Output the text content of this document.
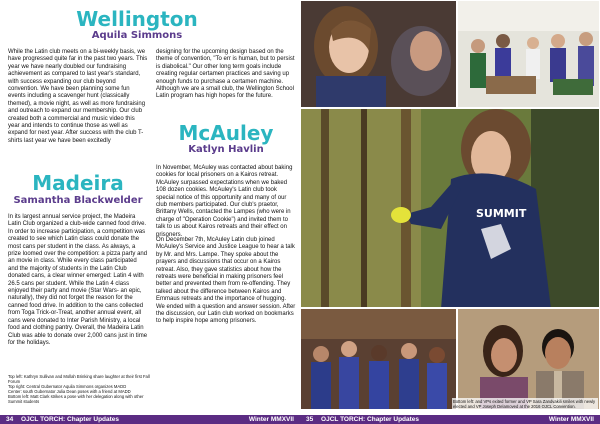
Wellington
Aquila Simmons
While the Latin club meets on a bi-weekly basis, we have progressed quite far in the past two years. This year we have nearly doubled our fundraising achievement as compared to last year's standard, with success expanding our club beyond convention. We have been planning some fun events including a scavenger hunt (classically themed), a movie night, as well as more fundraising and outreach to expand our membership. Our club created both a commercial and music video this year and intends to continue those as well as expand for next year. After success with the club T-shirts last year we have been excitedly
designing for the upcoming design based on the theme of convention, "To err is human, but to persist is diabolical." Our other long term goals include creating regular certamen practices and saving up enough funds to purchase a certamen machine. Although we are a small club, the Wellington School Latin program has high hopes for the future.
Madeira
Samantha Blackwelder
In its largest annual service project, the Madeira Latin Club organized a club-wide canned food drive. In order to increase participation, a competition was created to see which Latin class could donate the most cans per student in the class. As always, a prize loomed over the competition: a pizza party and an movie in class. While every class participated and the majority of students in the Latin Club donated cans, a clear winner emerged: Latin 4 with 26.5 cans per student. While the Latin 4 class enjoyed their party and movie (Star Wars- an epic, naturally), they did not forget the reason for the canned food drive. In addition to the cans collected from Toga Trick-or-Treat, another annual event, all cans were donated to Inter Parish Ministry, a local food and clothing pantry. Overall, the Madeira Latin Club was able to donate over 2,000 cans just in time for the holidays.
McAuley
Katlyn Havlin
In November, McAuley was contacted about baking cookies for local prisoners on a Kairos retreat. McAuley surpassed expectations when we baked 108 dozen cookies. McAuley's Latin club took special notice of this opportunity and many of our club members participated. Our club's praetor, Brittany Wells, contacted the Lampes (who were in charge of "Operation Cookie") and invited them to talk to us about Kairos retreats and their effect on prisoners.
On December 7th, McAuley Latin club joined McAuley's Service and Justice League to hear a talk by Mr. and Mrs. Lampe. They spoke about the prayers and discussions that occur on a Kairos retreat. Also, they gave statistics about how the retreats were beneficial in making prisoners feel better and prevented them from re-offending. They talked about the difference between Kairos and Emmaus retreats and the importance of hugging. We ended with a question and answer session. After the discussion, our Latin club worked on bookmarks to help inspire hope among prisoners.
Top left: Kathryn Sullivan and Mollah Brinking share laughter at their first Fall Forum
Top right: Central Gubernator Aquila Simmons organizes MADD
Center: south Gubernator Julia Dean poses with a friend at MADD
Bottom left: Matt Clark strikes a pose with her delegation along with other Summit students
34 OJCL TORCH: Chapter Updates	Winter MMXVII
SUMMIT
Bottom left: and VPs exited former and VP Sara Zandvakili smiles with newly elected and VP Joseph Delamoved at the 2016 OJCL Convention.
35 OJCL TORCH: Chapter Updates	Winter MMXVII
